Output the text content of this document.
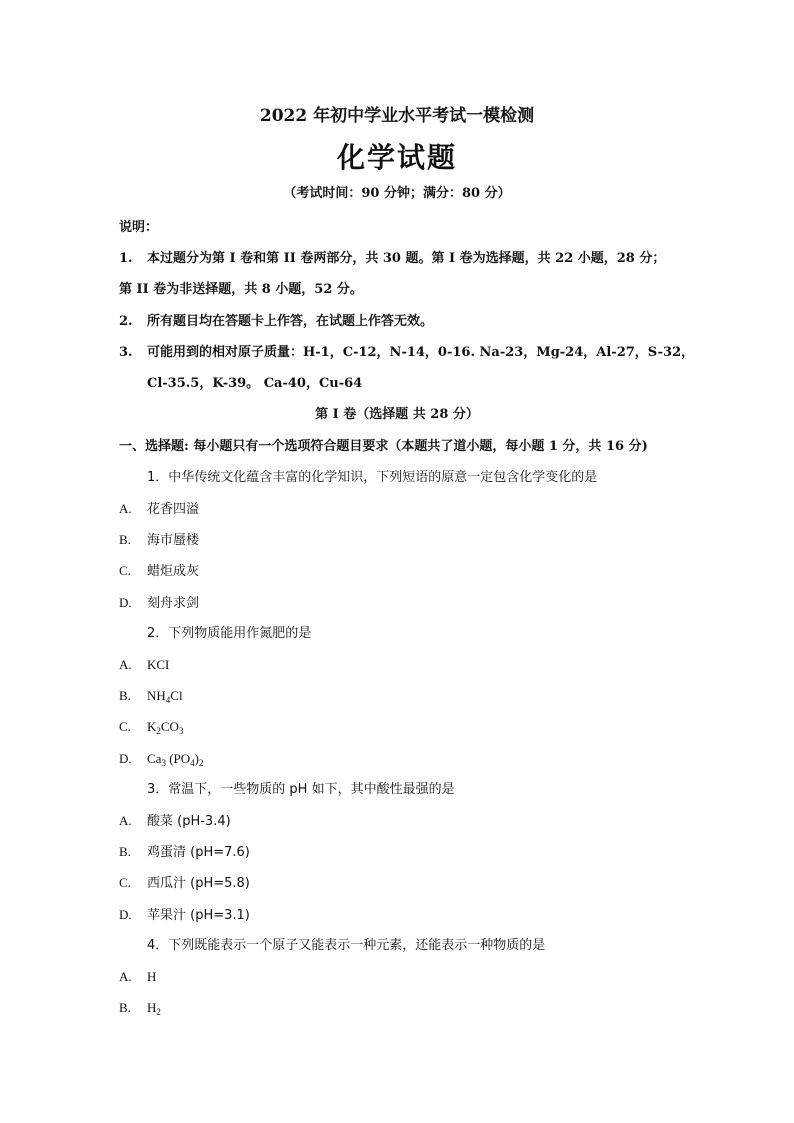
2022 年初中学业水平考试一模检测
化学试题
（考试时间：90 分钟；满分：80 分）
说明：
1. 本过题分为第 I 卷和第 II 卷两部分，共 30 题。第 I 卷为选择题，共 22 小题，28 分；
第 II 卷为非送择题，共 8 小题，52 分。
2. 所有题目均在答题卡上作答，在试题上作答无效。
3. 可能用到的相对原子质量：H-1，C-12，N-14，0-16. Na-23，Mg-24，Al-27，S-32，
Cl-35.5，K-39。 Ca-40，Cu-64
第 I 卷（选择题 共 28 分）
一、选择题: 每小题只有一个选项符合题目要求（本题共了道小题，每小题 1 分，共 16 分)
1．中华传统文化蕴含丰富的化学知识，下列短语的原意一定包含化学变化的是
A. 花香四溢
B. 海市蜃楼
C. 蜡炬成灰
D. 刻舟求剑
2．下列物质能用作氮肥的是
A. KCI
B. $NH_4Cl$
C. $K_2CO_3$
D. $Ca_3$ $(PO_4)_2$
3．常温下，一些物质的 pH 如下，其中酸性最强的是
A. 酸菜 (pH-3.4)
B. 鸡蛋清 (pH=7.6)
C. 西瓜汁 (pH=5.8)
D. 苹果汁 (pH=3.1)
4．下列既能表示一个原子又能表示一种元素，还能表示一种物质的是
A. H
B. $H_2$
